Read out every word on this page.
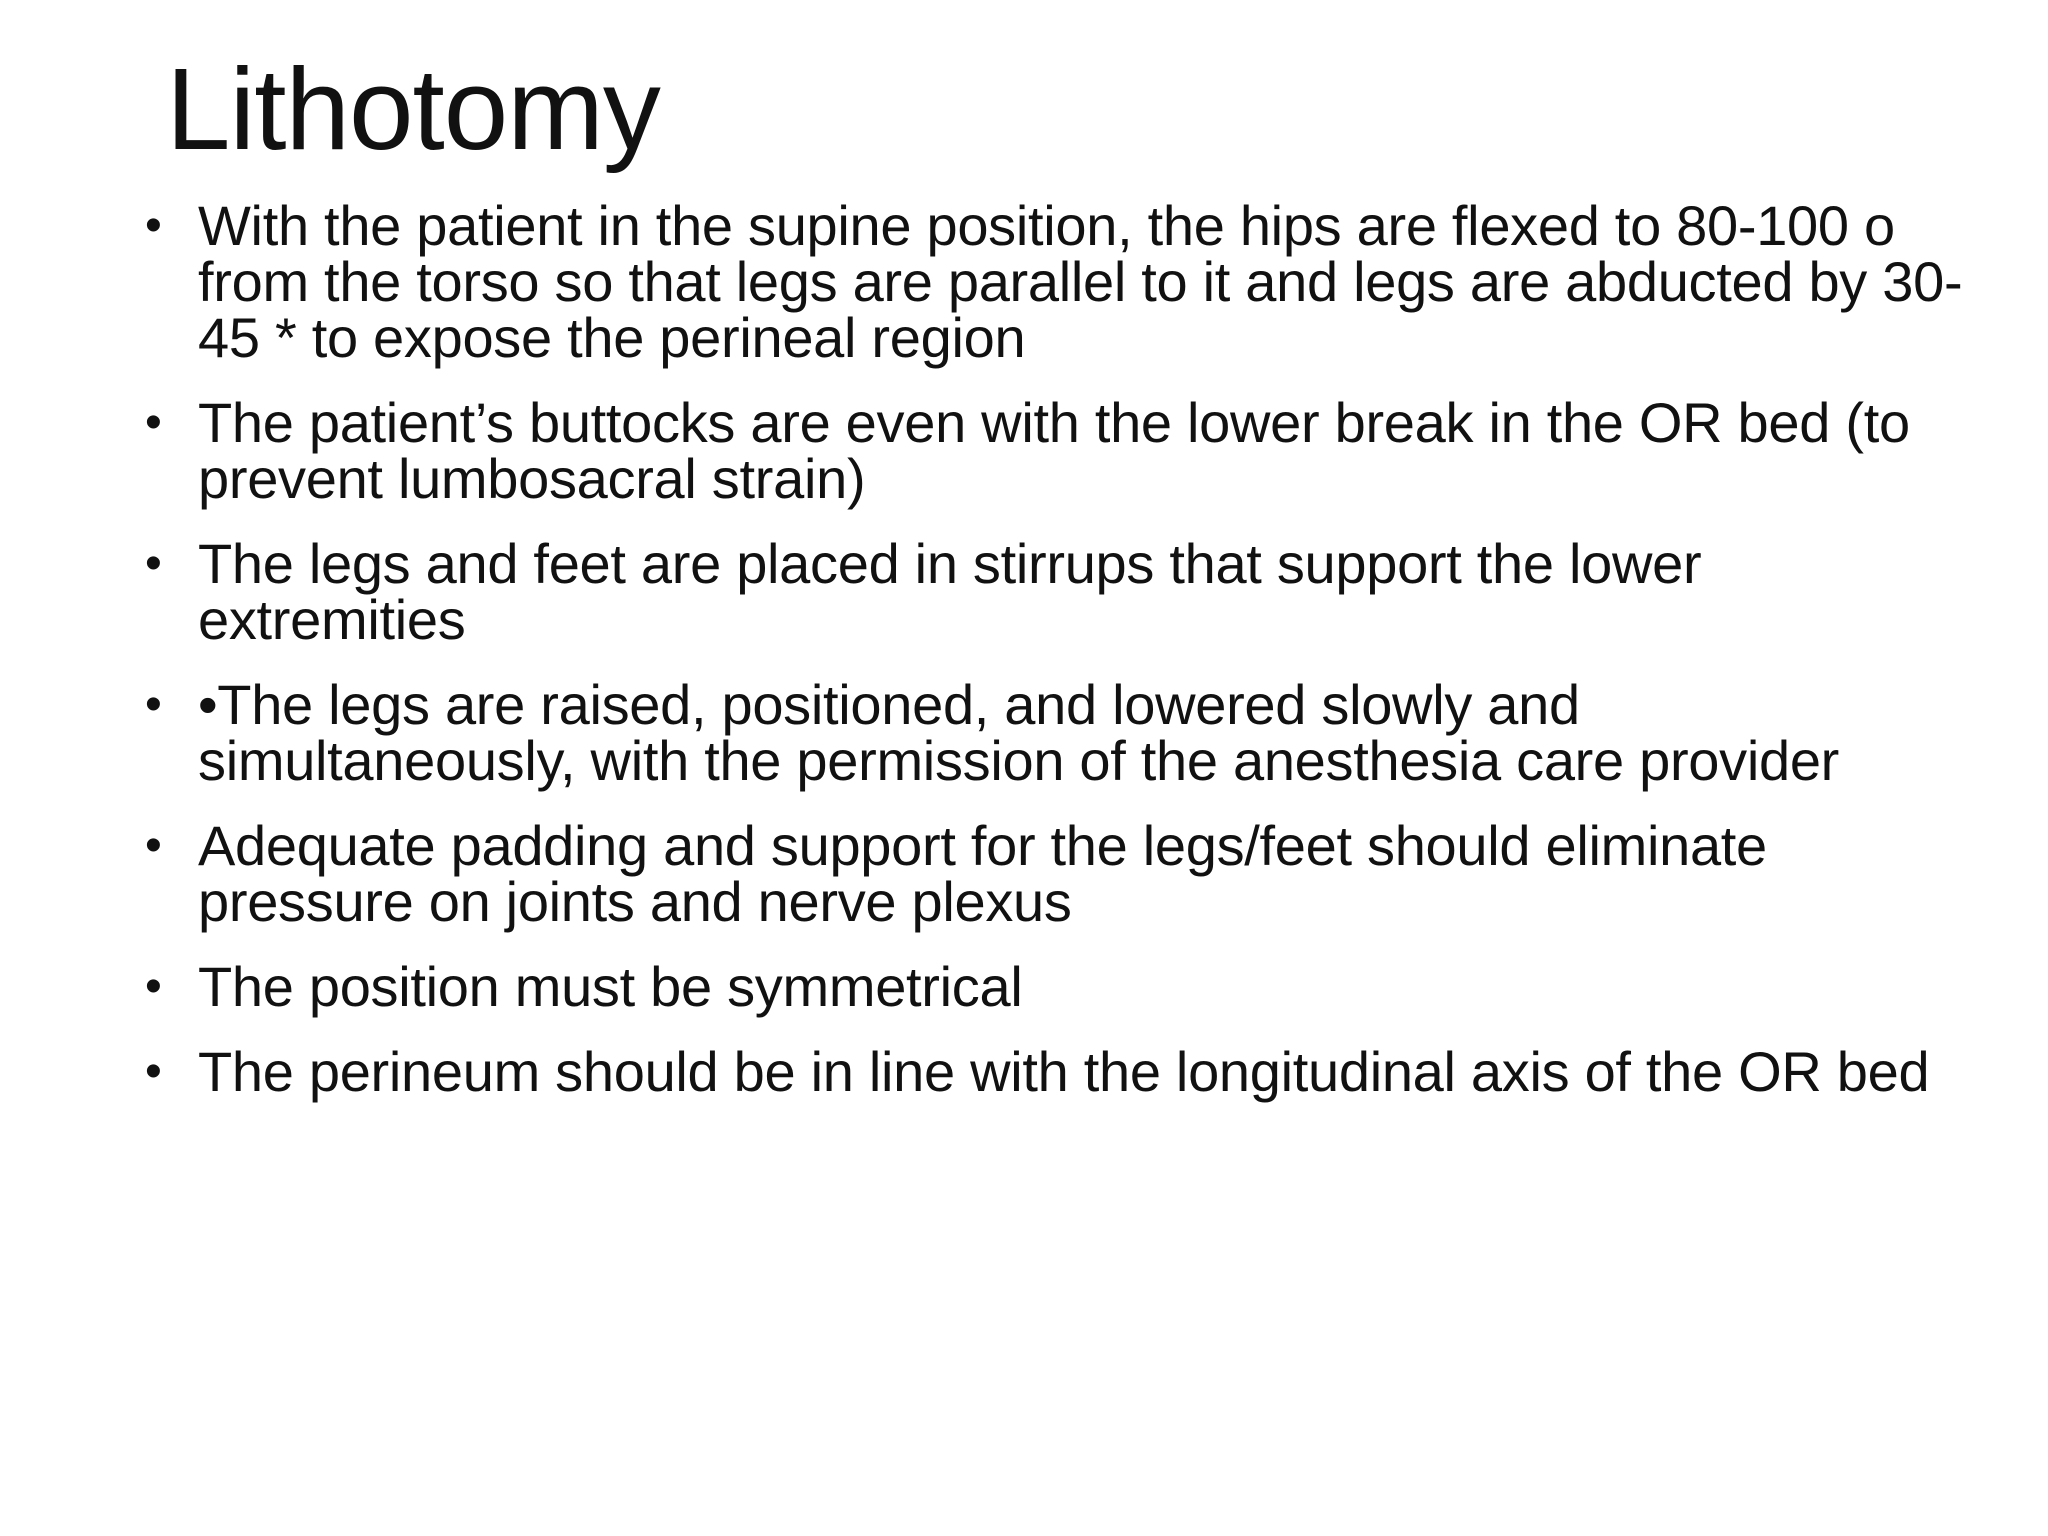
Lithotomy
• With the patient in the supine position, the hips are flexed to 80-100 o from the torso so that legs are parallel to it and legs are abducted by 30-45 * to expose the perineal region
• The patient’s buttocks are even with the lower break in the OR bed (to prevent lumbosacral strain)
• The legs and feet are placed in stirrups that support the lower extremities
• •The legs are raised, positioned, and lowered slowly and simultaneously, with the permission of the anesthesia care provider
• Adequate padding and support for the legs/feet should eliminate pressure on joints and nerve plexus
• The position must be symmetrical
• The perineum should be in line with the longitudinal axis of the OR bed
